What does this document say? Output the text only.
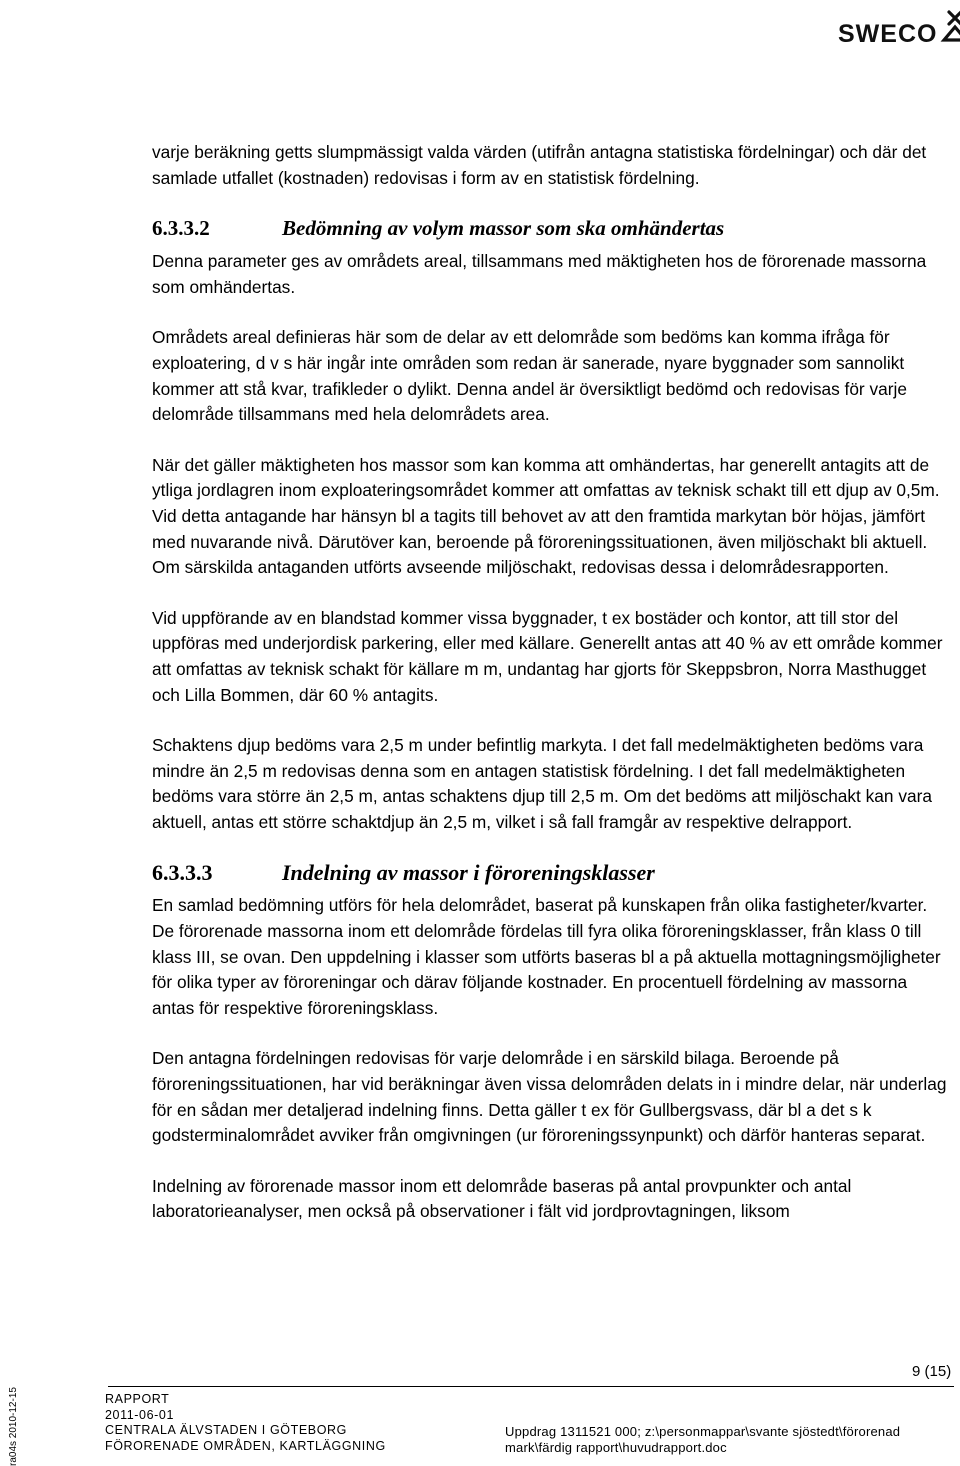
SWECO

varje beräkning getts slumpmässigt valda värden (utifrån antagna statistiska fördelningar) och där det samlade utfallet (kostnaden) redovisas i form av en statistisk fördelning.

6.3.3.2	Bedömning av volym massor som ska omhändertas

Denna parameter ges av områdets areal, tillsammans med mäktigheten hos de förorenade massorna som omhändertas.

Områdets areal definieras här som de delar av ett delområde som bedöms kan komma ifråga för exploatering, d v s här ingår inte områden som redan är sanerade, nyare byggnader som sannolikt kommer att stå kvar, trafikleder o dylikt. Denna andel är översiktligt bedömd och redovisas för varje delområde tillsammans med hela delområdets area.

När det gäller mäktigheten hos massor som kan komma att omhändertas, har generellt antagits att de ytliga jordlagren inom exploateringsområdet kommer att omfattas av teknisk schakt till ett djup av 0,5m. Vid detta antagande har hänsyn bl a tagits till behovet av att den framtida markytan bör höjas, jämfört med nuvarande nivå. Därutöver kan, beroende på föroreningssituationen, även miljöschakt bli aktuell. Om särskilda antaganden utförts avseende miljöschakt, redovisas dessa i delområdesrapporten.

Vid uppförande av en blandstad kommer vissa byggnader, t ex bostäder och kontor, att till stor del uppföras med underjordisk parkering, eller med källare. Generellt antas att 40 % av ett område kommer att omfattas av teknisk schakt för källare m m, undantag har gjorts för Skeppsbron, Norra Masthugget och Lilla Bommen, där 60 % antagits.

Schaktens djup bedöms vara 2,5 m under befintlig markyta. I det fall medelmäktigheten bedöms vara mindre än 2,5 m redovisas denna som en antagen statistisk fördelning. I det fall medelmäktigheten bedöms vara större än 2,5 m, antas schaktens djup till 2,5 m. Om det bedöms att miljöschakt kan vara aktuell, antas ett större schaktdjup än 2,5 m, vilket i så fall framgår av respektive delrapport.

6.3.3.3	Indelning av massor i föroreningsklasser

En samlad bedömning utförs för hela delområdet, baserat på kunskapen från olika fastigheter/kvarter. De förorenade massorna inom ett delområde fördelas till fyra olika föroreningsklasser, från klass 0 till klass III, se ovan. Den uppdelning i klasser som utförts baseras bl a på aktuella mottagningsmöjligheter för olika typer av föroreningar och därav följande kostnader. En procentuell fördelning av massorna antas för respektive föroreningsklass.

Den antagna fördelningen redovisas för varje delområde i en särskild bilaga. Beroende på föroreningssituationen, har vid beräkningar även vissa delområden delats in i mindre delar, när underlag för en sådan mer detaljerad indelning finns. Detta gäller t ex för Gullbergsvass, där bl a det s k godsterminalområdet avviker från omgivningen (ur föroreningssynpunkt) och därför hanteras separat.

Indelning av förorenade massor inom ett delområde baseras på antal provpunkter och antal laboratorieanalyser, men också på observationer i fält vid jordprovtagningen, liksom

ra04s 2010-12-15
9 (15)
RAPPORT
2011-06-01
CENTRALA ÄLVSTADEN I GÖTEBORG
FÖRORENADE OMRÅDEN, KARTLÄGGNING
Uppdrag 1311521 000; z:\personmappar\svante sjöstedt\förorenad
mark\färdig rapport\huvudrapport.doc
